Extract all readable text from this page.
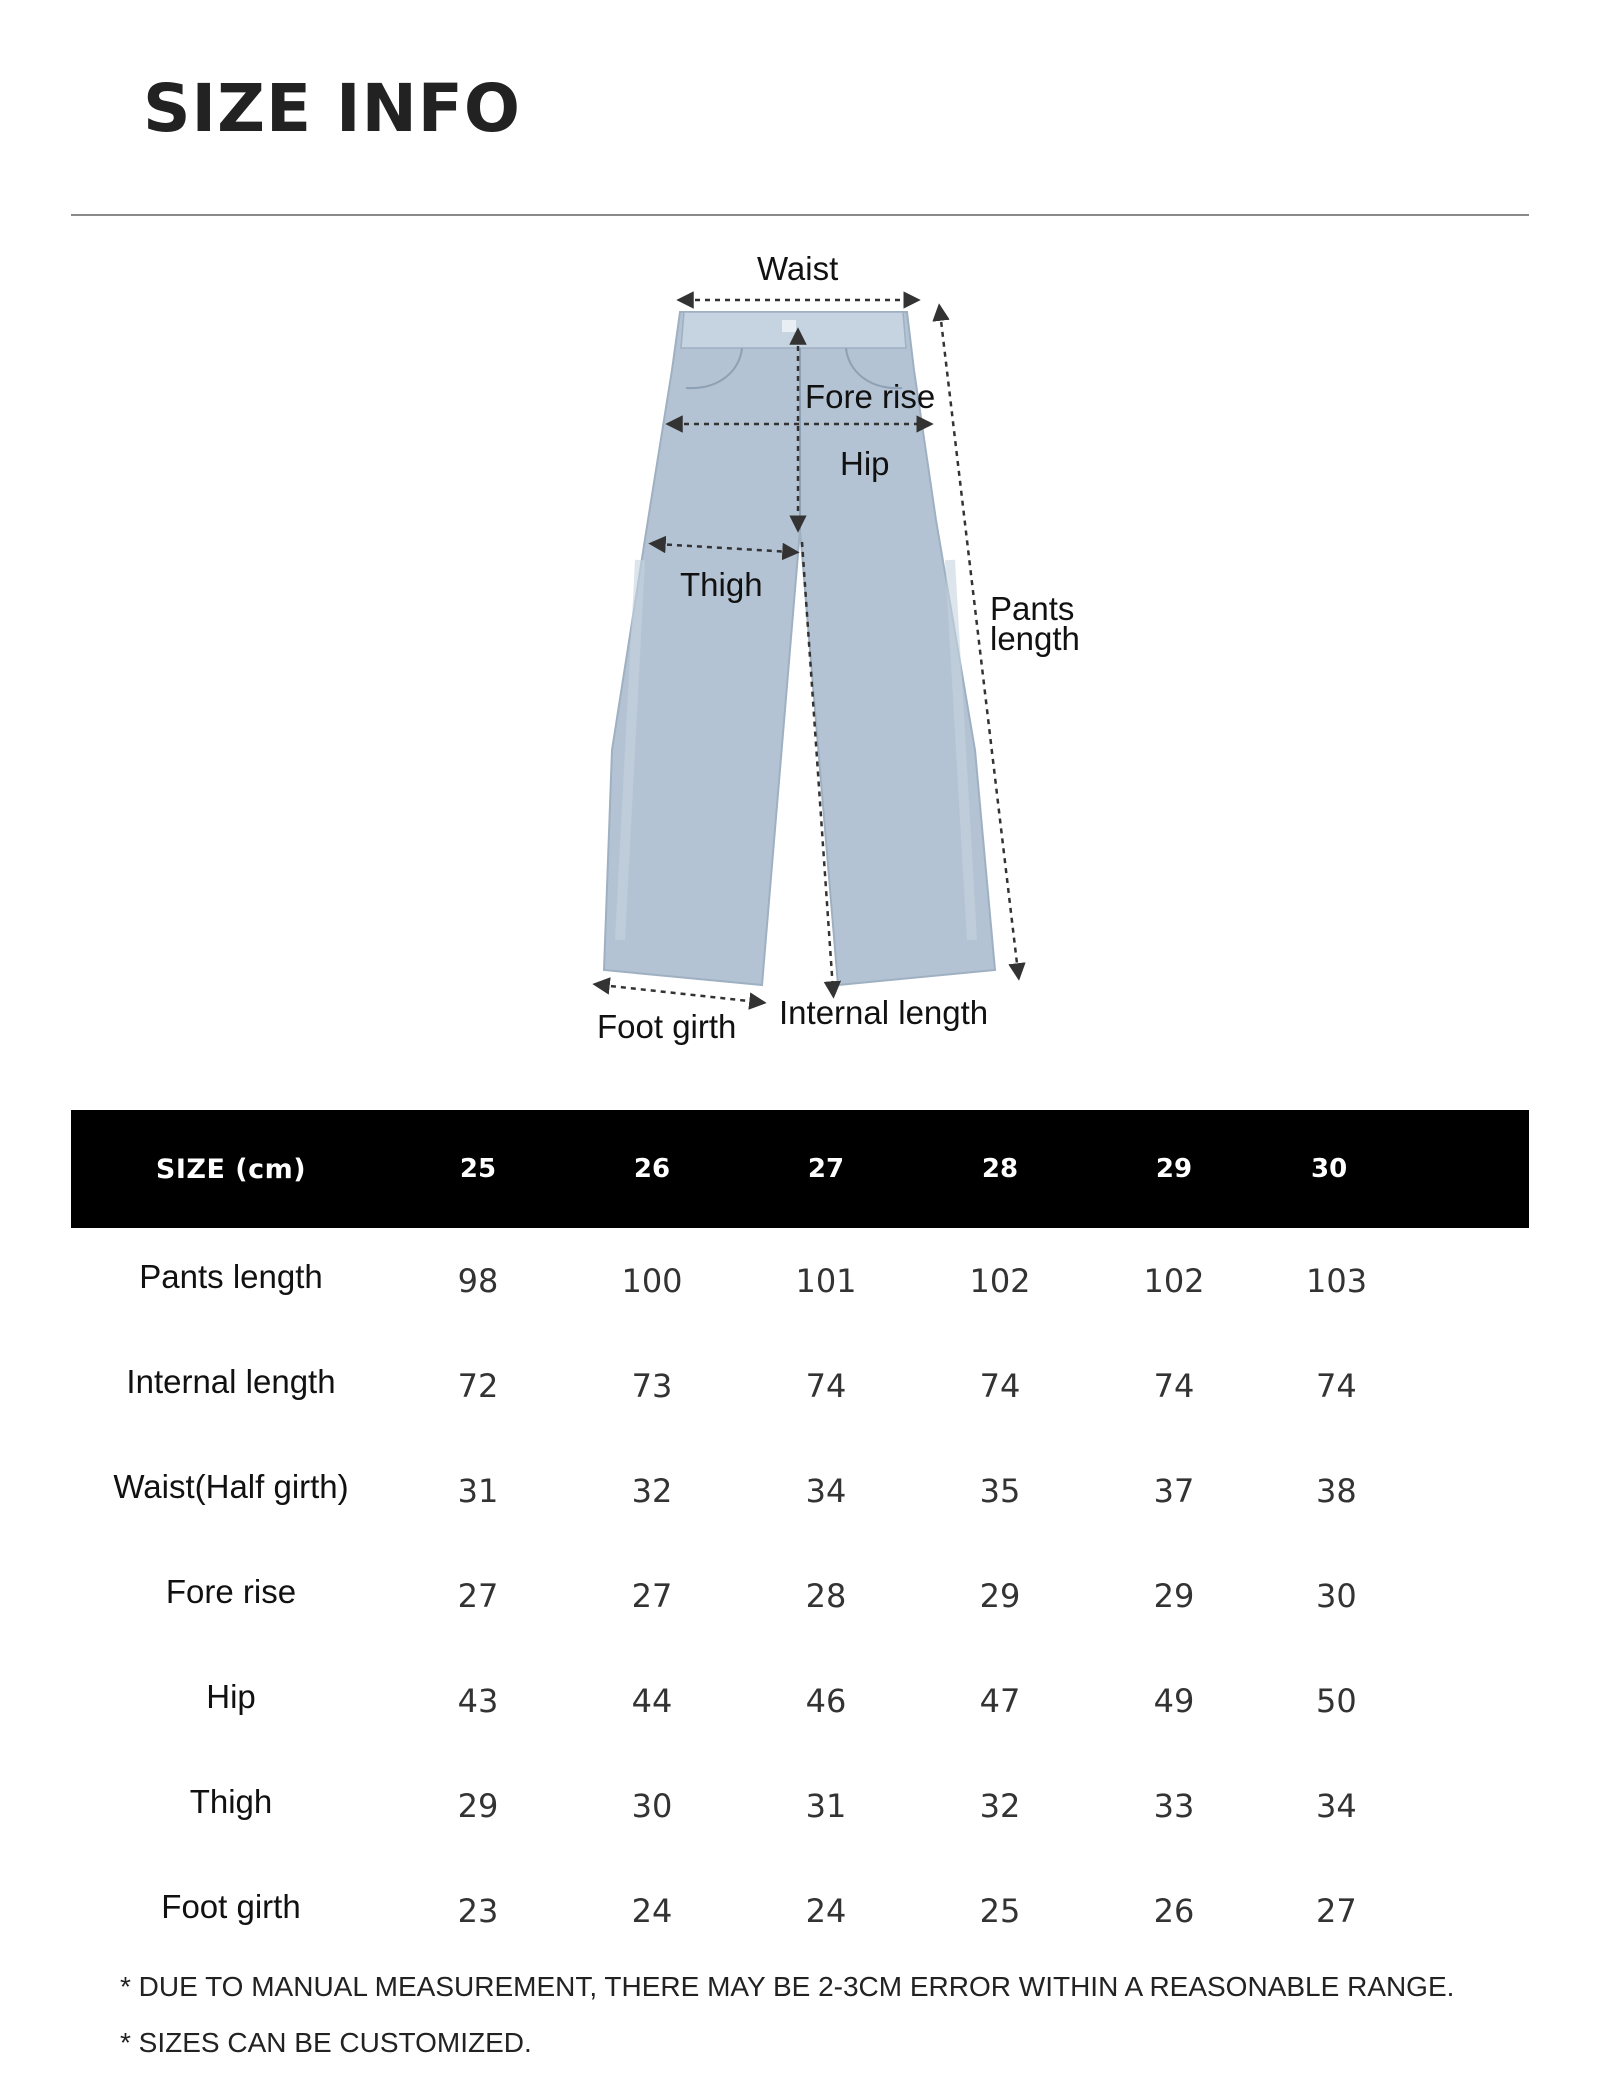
SIZE INFO
Waist
Fore rise
Hip
Thigh
Pants
length
Foot girth Internal length
SIZE (cm)	25	26	27	28	29	30
Pants length	98	100	101	102	102	103
Internal length	72	73	74	74	74	74
Waist(Half girth)	31	32	34	35	37	38
Fore rise	27	27	28	29	29	30
Hip	43	44	46	47	49	50
Thigh	29	30	31	32	33	34
Foot girth	23	24	24	25	26	27
* DUE TO MANUAL MEASUREMENT, THERE MAY BE 2-3CM ERROR WITHIN A REASONABLE RANGE.
* SIZES CAN BE CUSTOMIZED.
